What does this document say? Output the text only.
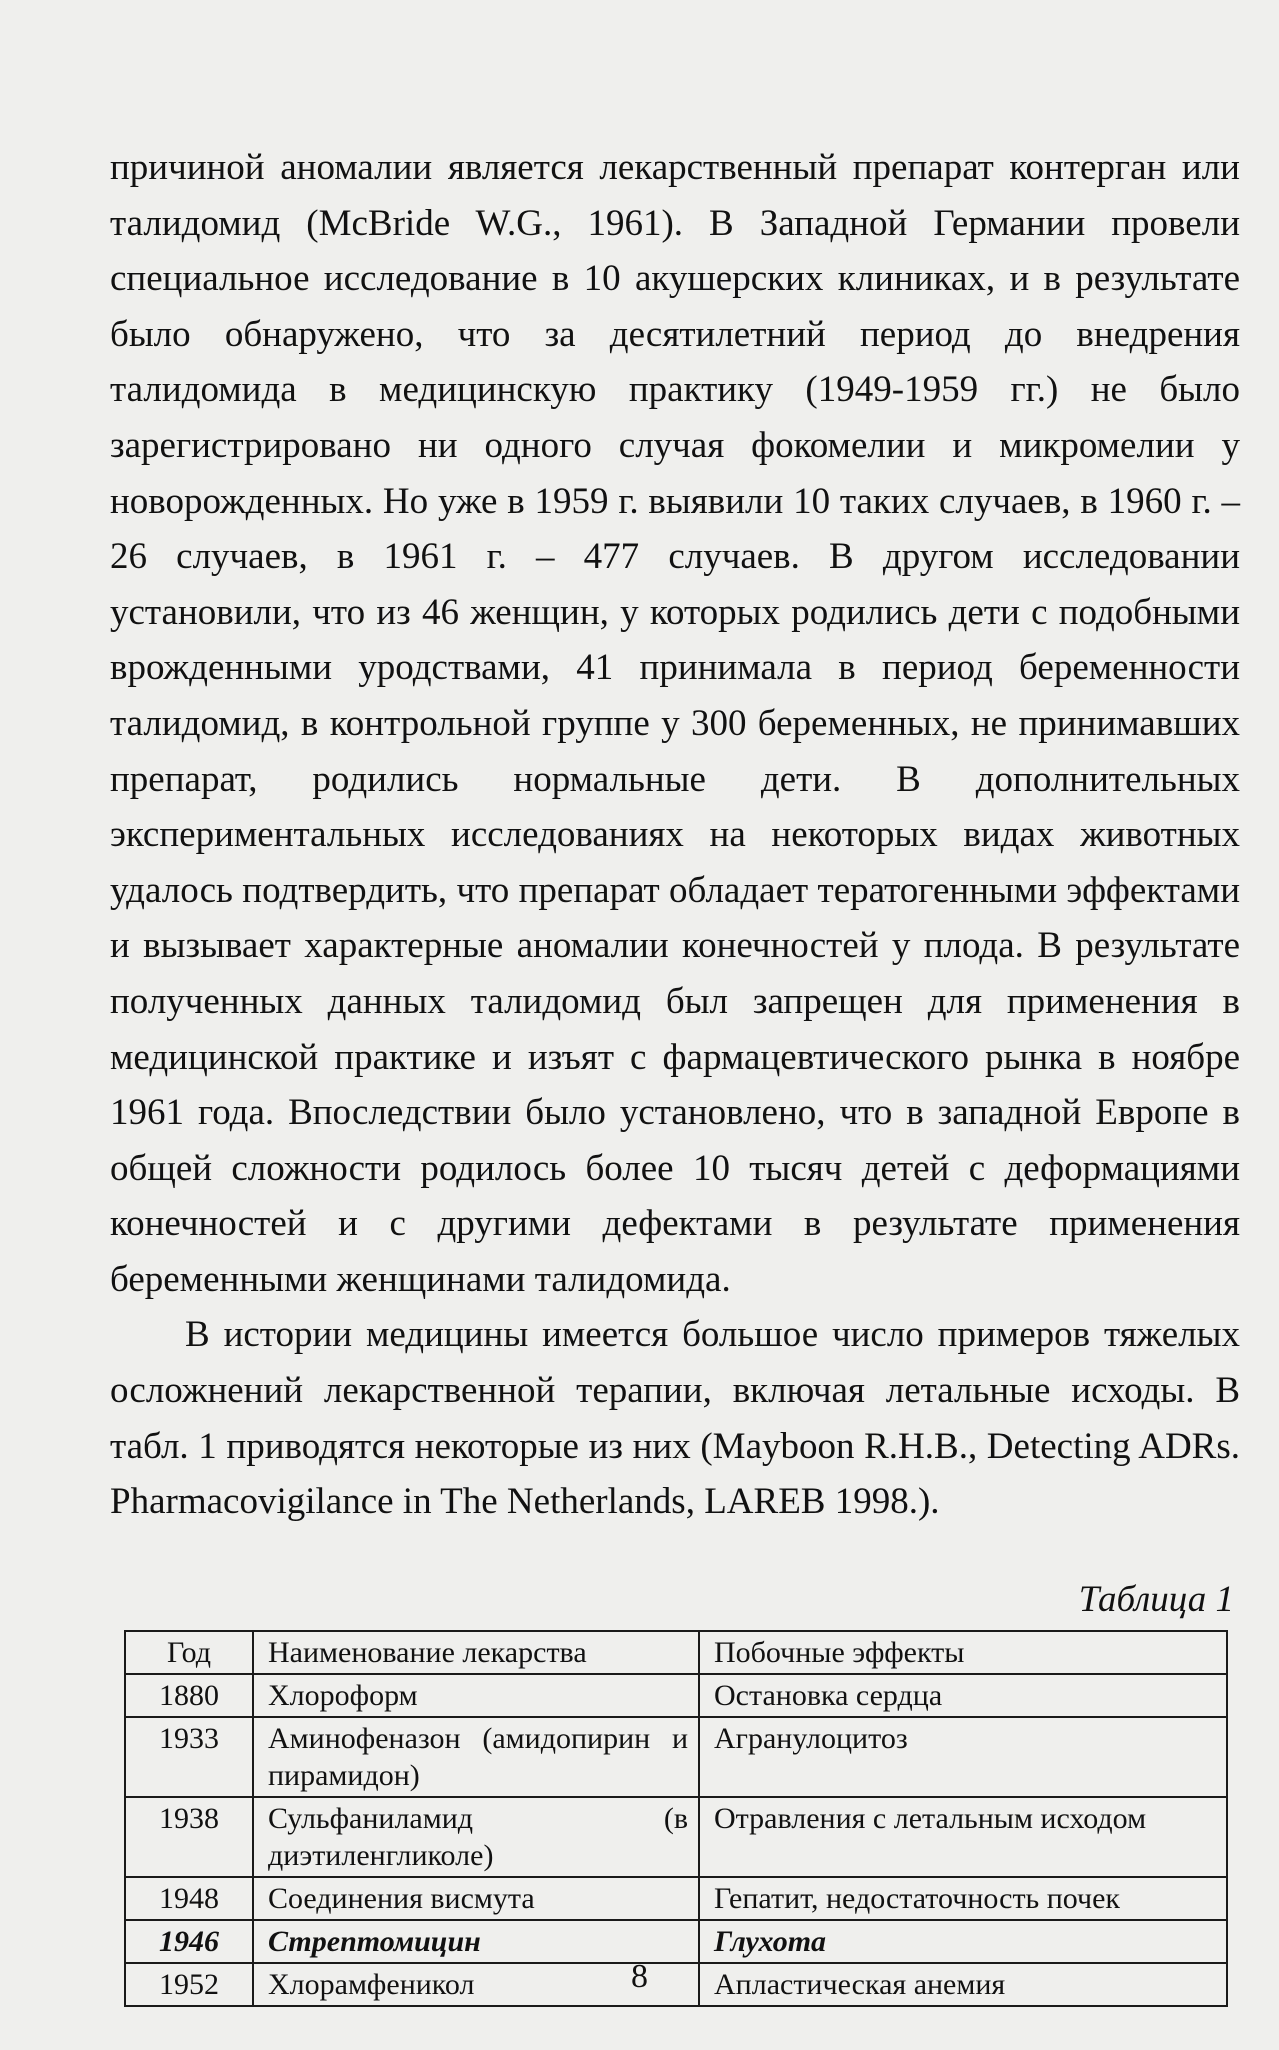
причиной аномалии является лекарственный препарат контерган или талидомид (McBride W.G., 1961). В Западной Германии провели специальное исследование в 10 акушерских клиниках, и в результате было обнаружено, что за десятилетний период до внедрения талидомида в медицинскую практику (1949-1959 гг.) не было зарегистрировано ни одного случая фокомелии и микромелии у новорожденных. Но уже в 1959 г. выявили 10 таких случаев, в 1960 г. – 26 случаев, в 1961 г. – 477 случаев. В другом исследовании установили, что из 46 женщин, у которых родились дети с подобными врожденными уродствами, 41 принимала в период беременности талидомид, в контрольной группе у 300 беременных, не принимавших препарат, родились нормальные дети. В дополнительных экспериментальных исследованиях на некоторых видах животных удалось подтвердить, что препарат обладает тератогенными эффектами и вызывает характерные аномалии конечностей у плода. В результате полученных данных талидомид был запрещен для применения в медицинской практике и изъят с фармацевтического рынка в ноябре 1961 года. Впоследствии было установлено, что в западной Европе в общей сложности родилось более 10 тысяч детей с деформациями конечностей и с другими дефектами в результате применения беременными женщинами талидомида.

В истории медицины имеется большое число примеров тяжелых осложнений лекарственной терапии, включая летальные исходы. В табл. 1 приводятся некоторые из них (Mayboon R.H.B., Detecting ADRs. Pharmacovigilance in The Netherlands, LAREB 1998.).

Таблица 1
Год	Наименование лекарства	Побочные эффекты
1880	Хлороформ	Остановка сердца
1933	Аминофеназон (амидопирин и пирамидон)	Агранулоцитоз
1938	Сульфаниламид (в диэтиленгликоле)	Отравления с летальным исходом
1948	Соединения висмута	Гепатит, недостаточность почек
1946	Стрептомицин	Глухота
1952	Хлорамфеникол	Апластическая анемия
8
